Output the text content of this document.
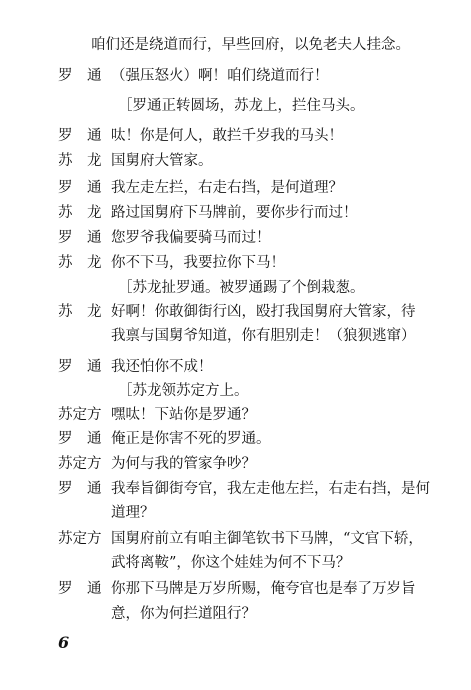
咱们还是绕道而行，早些回府，以免老夫人挂念。
罗　通 （强压怒火）啊！咱们绕道而行！
［罗通正转圆场，苏龙上，拦住马头。
罗　通 呔！你是何人，敢拦千岁我的马头！
苏　龙 国舅府大管家。
罗　通 我左走左拦，右走右挡，是何道理？
苏　龙 路过国舅府下马牌前，要你步行而过！
罗　通 您罗爷我偏要骑马而过！
苏　龙 你不下马，我要拉你下马！
［苏龙扯罗通。被罗通踢了个倒栽葱。
苏　龙 好啊！你敢御街行凶，殴打我国舅府大管家，待
我禀与国舅爷知道，你有胆别走！（狼狈逃窜）
罗　通 我还怕你不成！
［苏龙领苏定方上。
苏定方 嘿呔！下站你是罗通？
罗　通 俺正是你害不死的罗通。
苏定方 为何与我的管家争吵？
罗　通 我奉旨御街夸官，我左走他左拦，右走右挡，是何
道理？
苏定方 国舅府前立有咱主御笔钦书下马牌，“文官下轿，
武将离鞍”，你这个娃娃为何不下马？
罗　通 你那下马牌是万岁所赐，俺夸官也是奉了万岁旨
意，你为何拦道阻行？
6
